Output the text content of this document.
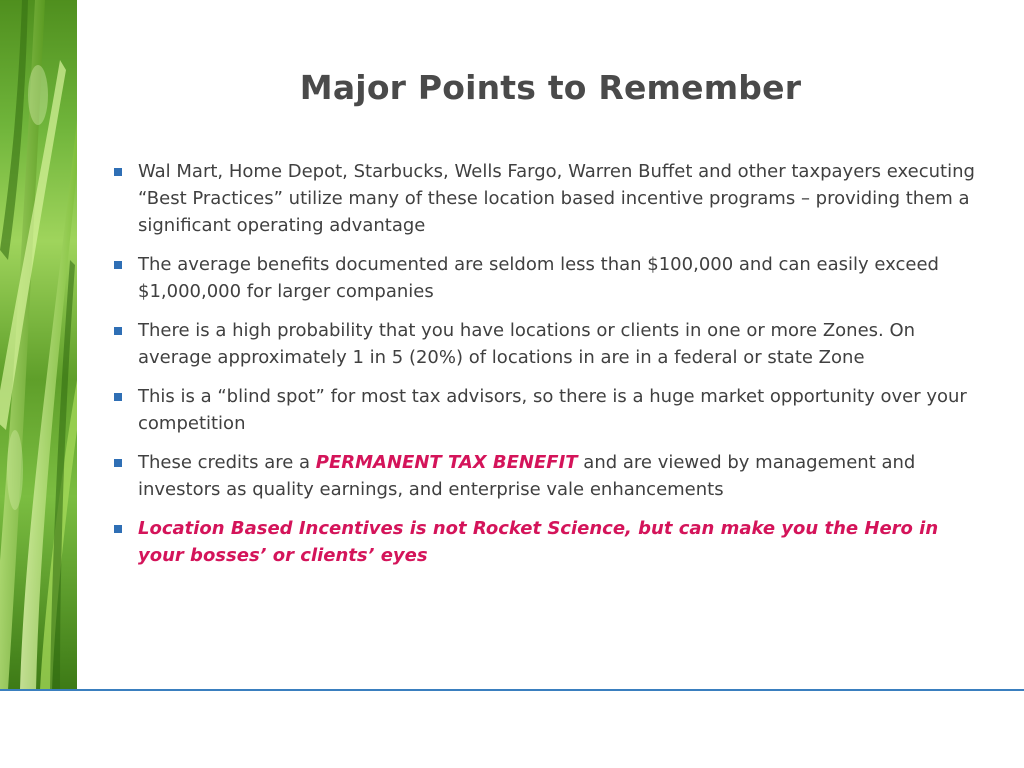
Major Points to Remember
Wal Mart, Home Depot, Starbucks, Wells Fargo, Warren Buffet and other taxpayers executing “Best Practices” utilize many of these location based incentive programs – providing them a significant operating advantage
The average benefits documented are seldom less than $100,000 and can easily exceed $1,000,000 for larger companies
There is a high probability that you have locations or clients in one or more Zones. On average approximately 1 in 5 (20%) of locations in are in a federal or state Zone
This is a “blind spot” for most tax advisors, so there is a huge market opportunity over your competition
These credits are a PERMANENT TAX BENEFIT and are viewed by management and investors as quality earnings, and enterprise vale enhancements
Location Based Incentives is not Rocket Science, but can make you the Hero in your bosses’ or clients’ eyes
